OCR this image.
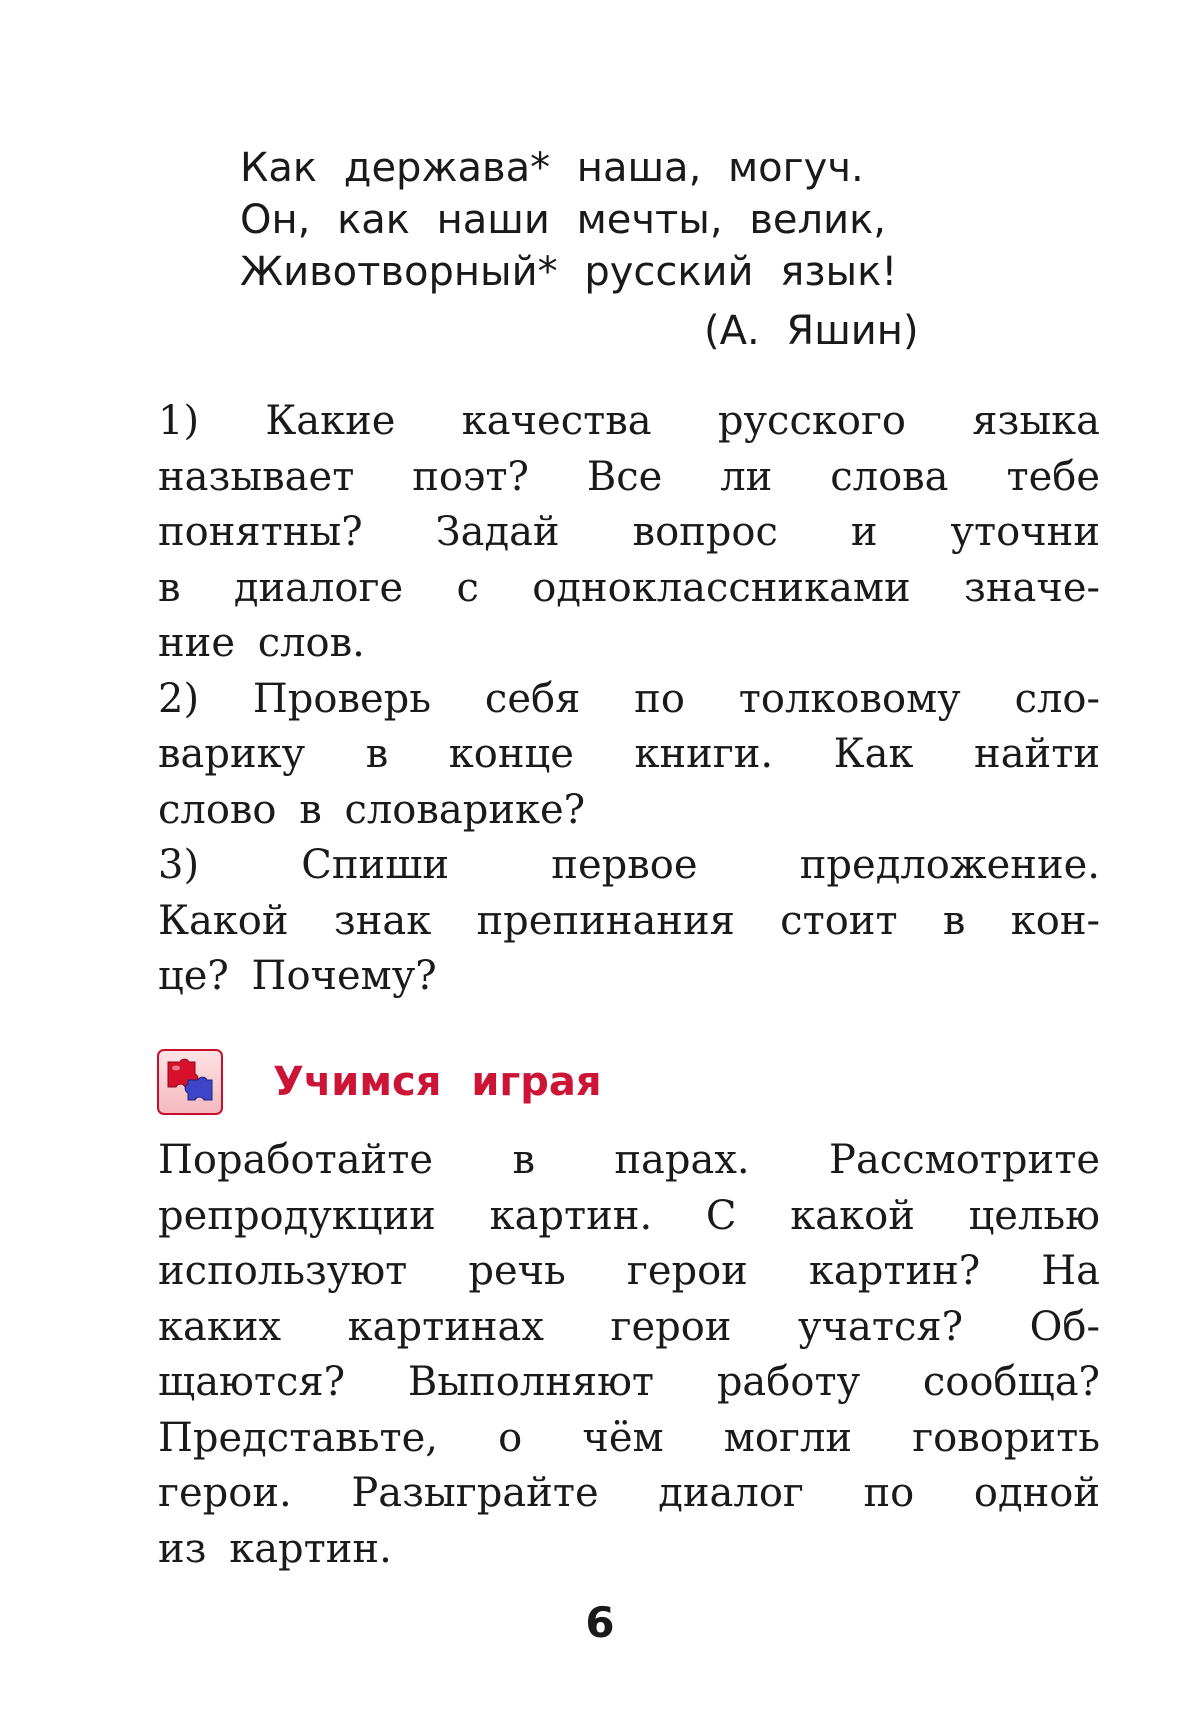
Как держава* наша, могуч.
Он, как наши мечты, велик,
Животворный* русский язык!
(А. Яшин)
1) Какие качества русского языка
называет поэт? Все ли слова тебе
понятны? Задай вопрос и уточни
в диалоге с одноклассниками значе-
ние слов.
2) Проверь себя по толковому сло-
варику в конце книги. Как найти
слово в словарике?
3) Спиши первое предложение.
Какой знак препинания стоит в кон-
це? Почему?
Учимся играя
Поработайте в парах. Рассмотрите
репродукции картин. С какой целью
используют речь герои картин? На
каких картинах герои учатся? Об-
щаются? Выполняют работу сообща?
Представьте, о чём могли говорить
герои. Разыграйте диалог по одной
из картин.
6
